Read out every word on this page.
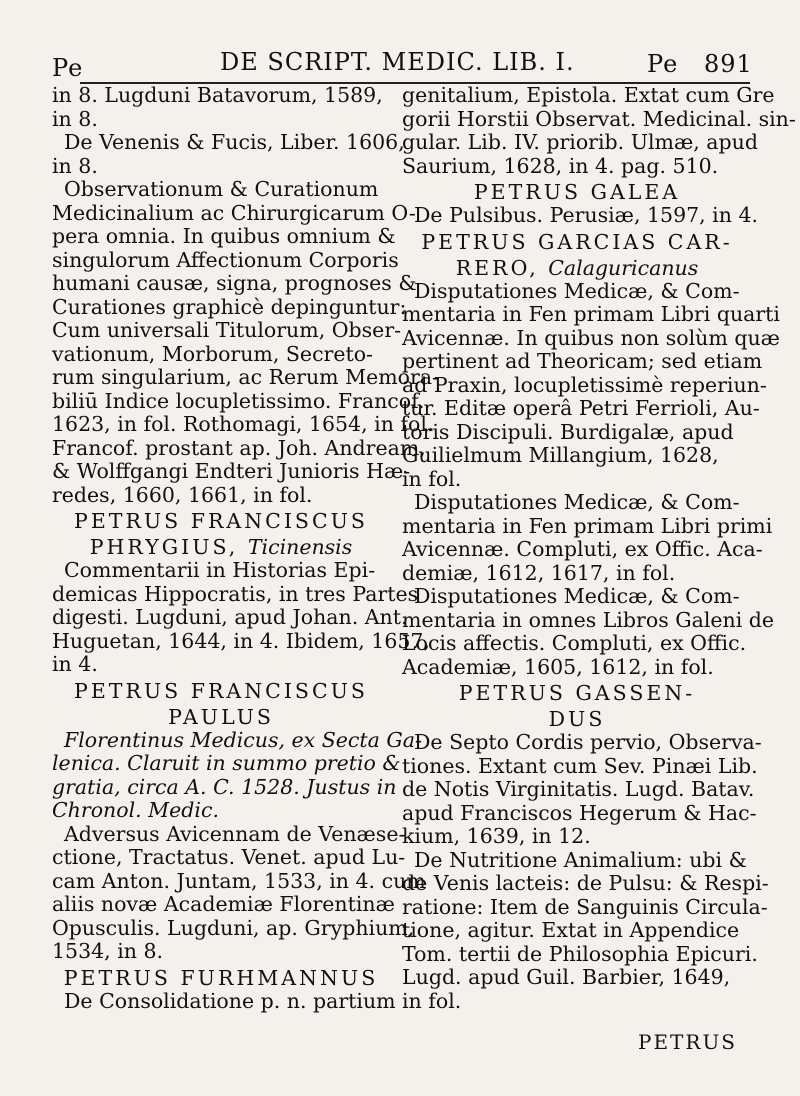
Pe	DE SCRIPT. MEDIC. LIB. I.	Pe 891

in 8. Lugduni Batavorum, 1589,

in 8.

De Venenis & Fucis, Liber. 1606,

in 8.

Observationum & Curationum

Medicinalium ac Chirurgicarum O-

pera omnia. In quibus omnium &

singulorum Affectionum Corporis

humani causæ, signa, prognoses &

Curationes graphicè depinguntur:

Cum universali Titulorum, Obser-

vationum, Morborum, Secreto-

rum singularium, ac Rerum Memora-

biliū Indice locupletissimo. Francof.

1623, in fol. Rothomagi, 1654, in fol.

Francof. prostant ap. Joh. Andream,

& Wolffgangi Endteri Junioris Hæ-

redes, 1660, 1661, in fol.

PETRUS FRANCISCUS

PHRYGIUS, Ticinensis

Commentarii in Historias Epi-

demicas Hippocratis, in tres Partes

digesti. Lugduni, apud Johan. Ant.

Huguetan, 1644, in 4. Ibidem, 1657,

in 4.

PETRUS FRANCISCUS

PAULUS

Florentinus Medicus, ex Secta Ga-

lenica. Claruit in summo pretio &

gratia, circa A. C. 1528. Justus in

Chronol. Medic.

Adversus Avicennam de Venæse-

ctione, Tractatus. Venet. apud Lu-

cam Anton. Juntam, 1533, in 4. cum

aliis novæ Academiæ Florentinæ

Opusculis. Lugduni, ap. Gryphium,

1534, in 8.

PETRUS FURHMANNUS

De Consolidatione p. n. partium

genitalium, Epistola. Extat cum Gre

gorii Horstii Observat. Medicinal. sin-

gular. Lib. IV. priorib. Ulmæ, apud

Saurium, 1628, in 4. pag. 510.

PETRUS GALEA

De Pulsibus. Perusiæ, 1597, in 4.

PETRUS GARCIAS CAR-

RERO, Calaguricanus

Disputationes Medicæ, & Com-

mentaria in Fen primam Libri quarti

Avicennæ. In quibus non solùm quæ

pertinent ad Theoricam; sed etiam

ad Praxin, locupletissimè reperiun-

tur. Editæ operâ Petri Ferrioli, Au-

toris Discipuli. Burdigalæ, apud

Guilielmum Millangium, 1628,

in fol.

Disputationes Medicæ, & Com-

mentaria in Fen primam Libri primi

Avicennæ. Compluti, ex Offic. Aca-

demiæ, 1612, 1617, in fol.

Disputationes Medicæ, & Com-

mentaria in omnes Libros Galeni de

Locis affectis. Compluti, ex Offic.

Academiæ, 1605, 1612, in fol.

PETRUS GASSEN-

DUS

De Septo Cordis pervio, Observa-

tiones. Extant cum Sev. Pinæi Lib.

de Notis Virginitatis. Lugd. Batav.

apud Franciscos Hegerum & Hac-

kium, 1639, in 12.

De Nutritione Animalium: ubi &

de Venis lacteis: de Pulsu: & Respi-

ratione: Item de Sanguinis Circula-

tione, agitur. Extat in Appendice

Tom. tertii de Philosophia Epicuri.

Lugd. apud Guil. Barbier, 1649,

in fol.

PETRUS
